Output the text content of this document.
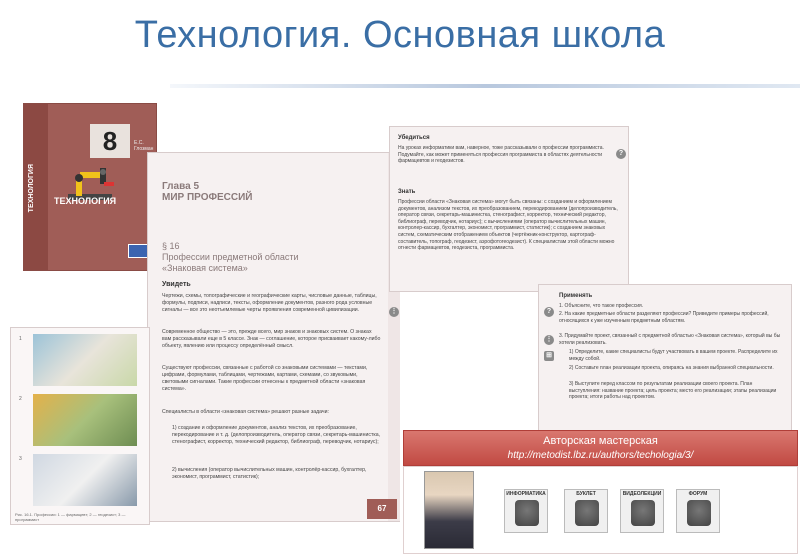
Технология. Основная школа
ТЕХНОЛОГИЯ
8	Е.С. Глозман
ТЕХНОЛОГИЯ
Глава 5
МИР ПРОФЕССИЙ
§ 16
Профессии предметной области
«Знаковая система»
Увидеть
Чертежи, схемы, топографические и географические карты, числовые данные, таблицы, формулы, подписи, надписи, тексты, оформление документов, разного рода условные сигналы — все это неотъемлемые черты проявления современной цивилизации.
Современное общество — это, прежде всего, мир знаков и знаковых систем. О знаках вам рассказывали еще в 5 классе. Знак — соглашение, которое присваивает какому-либо объекту, явлению или процессу определённый смысл.
Существуют профессии, связанные с работой со знаковыми системами — текстами, цифрами, формулами, таблицами, чертежами, картами, схемами, со звуковыми, световыми сигналами. Такие профессии отнесены к предметной области «знаковая система».
Специалисты в области «знаковая система» решают разные задачи:
1) создание и оформление документов, анализ текстов, их преобразование, перекодирование и т. д. (делопроизводитель, оператор связи, секретарь-машинистка, стенографист, корректор, технический редактор, библиограф, переводчик, нотариус);
2) вычисления (оператор вычислительных машин, контролёр-кассир, бухгалтер, экономист, программист, статистик);
67
⋮
1
2
3
Рис. 16.1. Профессии: 1 — фармацевт; 2 — геодезист; 3 — программист
Убедиться
На уроках информатики вам, наверное, тоже рассказывали о профессии программиста. Подумайте, как может применяться профессия программиста в областях деятельности фармацевтов и геодезистов.
Знать
Профессии области «Знаковая система» могут быть связаны: с созданием и оформлением документов, анализом текстов, их преобразованием, перекодированием (делопроизводитель, оператор связи, секретарь-машинистка, стенографист, корректор, технический редактор, библиограф, переводчик, нотариус); с вычислениями (оператор вычислительных машин, контролер-кассир, бухгалтер, экономист, программист, статистик); с созданием знаковых систем, схематическим отображением объектов (чертёжник-конструктор, картограф-составитель, топограф, геодезист, аэрофотогеодезист). К специалистам этой области можно отнести фармацевтов, геодезиста, программиста.
?
Применять
1. Объясните, что такое профессия.
2. На какие предметные области разделяют профессии? Приведите примеры профессий, относящихся к уже изученным предметным областям.
3. Придумайте проект, связанный с предметной областью «Знаковая система», который вы бы хотели реализовать.
1) Определите, какие специалисты будут участвовать в вашем проекте. Распределите их между собой.
2) Составьте план реализации проекта, опираясь на знания выбранной специальности.
3) Выступите перед классом по результатам реализации своего проекта. План выступления: название проекта; цель проекта; место его реализации; этапы реализации проекта; итоги работы над проектом.
?
⋮
⊞
Авторская мастерская
http://metodist.lbz.ru/authors/techologia/3/
ИНФОРМАТИКА	БУКЛЕТ	ВИДЕОЛЕКЦИИ	ФОРУМ
